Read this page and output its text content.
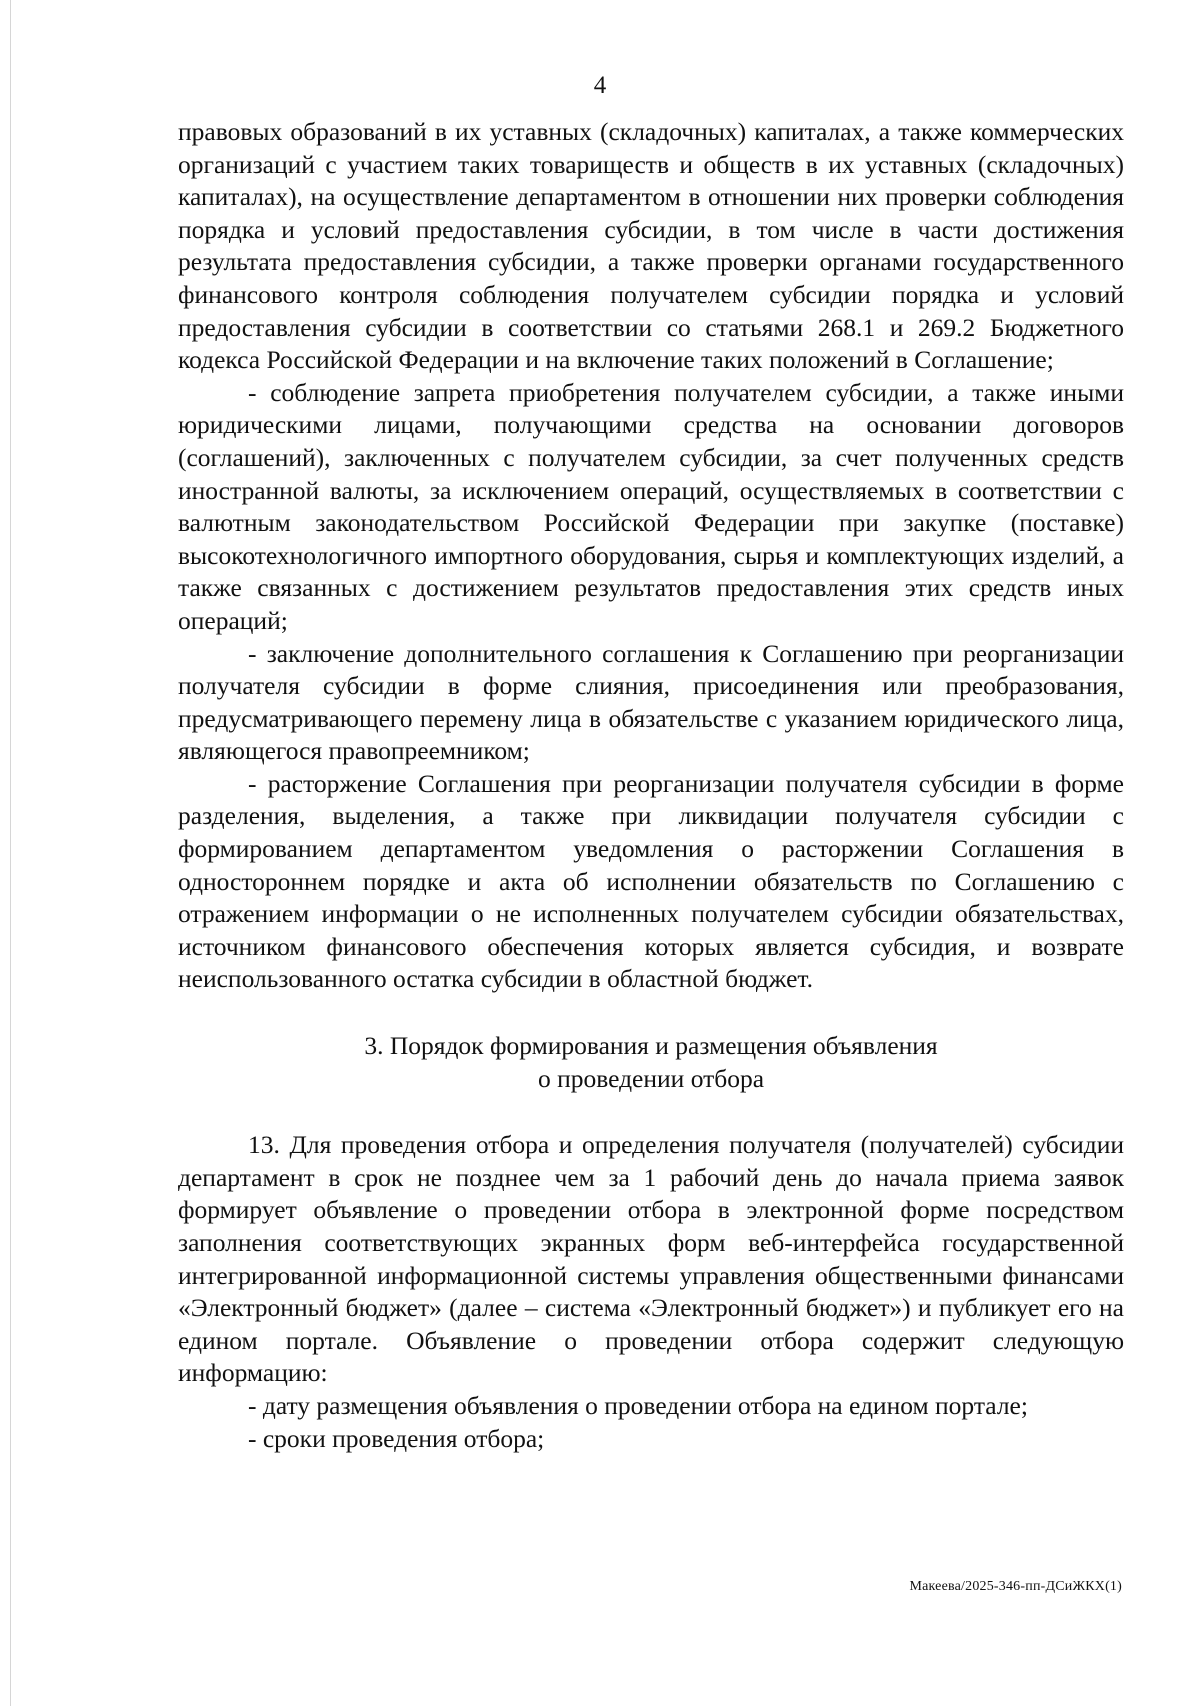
4

правовых образований в их уставных (складочных) капиталах, а также коммерческих организаций с участием таких товариществ и обществ в их уставных (складочных) капиталах), на осуществление департаментом в отношении них проверки соблюдения порядка и условий предоставления субсидии, в том числе в части достижения результата предоставления субсидии, а также проверки органами государственного финансового контроля соблюдения получателем субсидии порядка и условий предоставления субсидии в соответствии со статьями 268.1 и 269.2 Бюджетного кодекса Российской Федерации и на включение таких положений в Соглашение;

- соблюдение запрета приобретения получателем субсидии, а также иными юридическими лицами, получающими средства на основании договоров (соглашений), заключенных с получателем субсидии, за счет полученных средств иностранной валюты, за исключением операций, осуществляемых в соответствии с валютным законодательством Российской Федерации при закупке (поставке) высокотехнологичного импортного оборудования, сырья и комплектующих изделий, а также связанных с достижением результатов предоставления этих средств иных операций;

- заключение дополнительного соглашения к Соглашению при реорганизации получателя субсидии в форме слияния, присоединения или преобразования, предусматривающего перемену лица в обязательстве с указанием юридического лица, являющегося правопреемником;

- расторжение Соглашения при реорганизации получателя субсидии в форме разделения, выделения, а также при ликвидации получателя субсидии с формированием департаментом уведомления о расторжении Соглашения в одностороннем порядке и акта об исполнении обязательств по Соглашению с отражением информации о не исполненных получателем субсидии обязательствах, источником финансового обеспечения которых является субсидия, и возврате неиспользованного остатка субсидии в областной бюджет.

3. Порядок формирования и размещения объявления
о проведении отбора

13. Для проведения отбора и определения получателя (получателей) субсидии департамент в срок не позднее чем за 1 рабочий день до начала приема заявок формирует объявление о проведении отбора в электронной форме посредством заполнения соответствующих экранных форм веб-интерфейса государственной интегрированной информационной системы управления общественными финансами «Электронный бюджет» (далее – система «Электронный бюджет») и публикует его на едином портале. Объявление о проведении отбора содержит следующую информацию:

- дату размещения объявления о проведении отбора на едином портале;

- сроки проведения отбора;

Макеева/2025-346-пп-ДСиЖКХ(1)
